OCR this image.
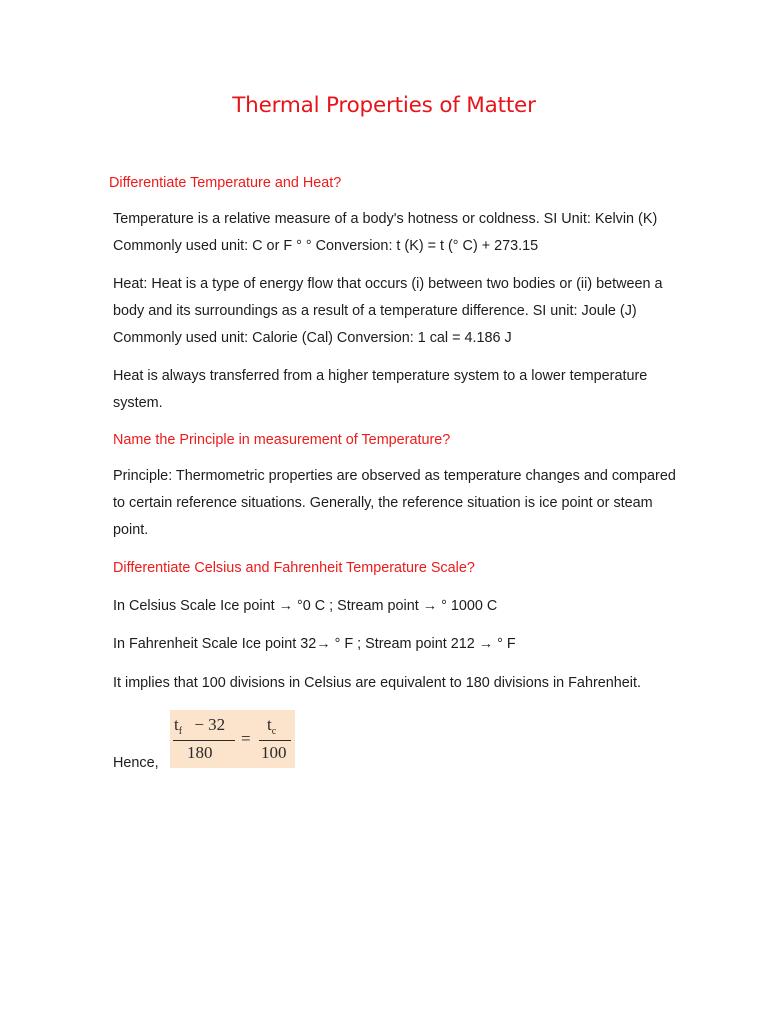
Thermal Properties of Matter
Differentiate Temperature and Heat?
Temperature is a relative measure of a body's hotness or coldness. SI Unit: Kelvin (K) Commonly used unit: C or F ° ° Conversion: t (K) = t (° C) + 273.15
Heat: Heat is a type of energy flow that occurs (i) between two bodies or (ii) between a body and its surroundings as a result of a temperature difference. SI unit: Joule (J) Commonly used unit: Calorie (Cal) Conversion: 1 cal = 4.186 J
Heat is always transferred from a higher temperature system to a lower temperature system.
Name the Principle in measurement of Temperature?
Principle: Thermometric properties are observed as temperature changes and compared to certain reference situations. Generally, the reference situation is ice point or steam point.
Differentiate Celsius and Fahrenheit Temperature Scale?
In Celsius Scale Ice point → °0 C ; Stream point → ° 1000 C
In Fahrenheit Scale Ice point 32→ ° F ; Stream point 212 → ° F
It implies that 100 divisions in Celsius are equivalent to 180 divisions in Fahrenheit.
Hence,
$t_f - 32$
180
=
$t_c$
100
